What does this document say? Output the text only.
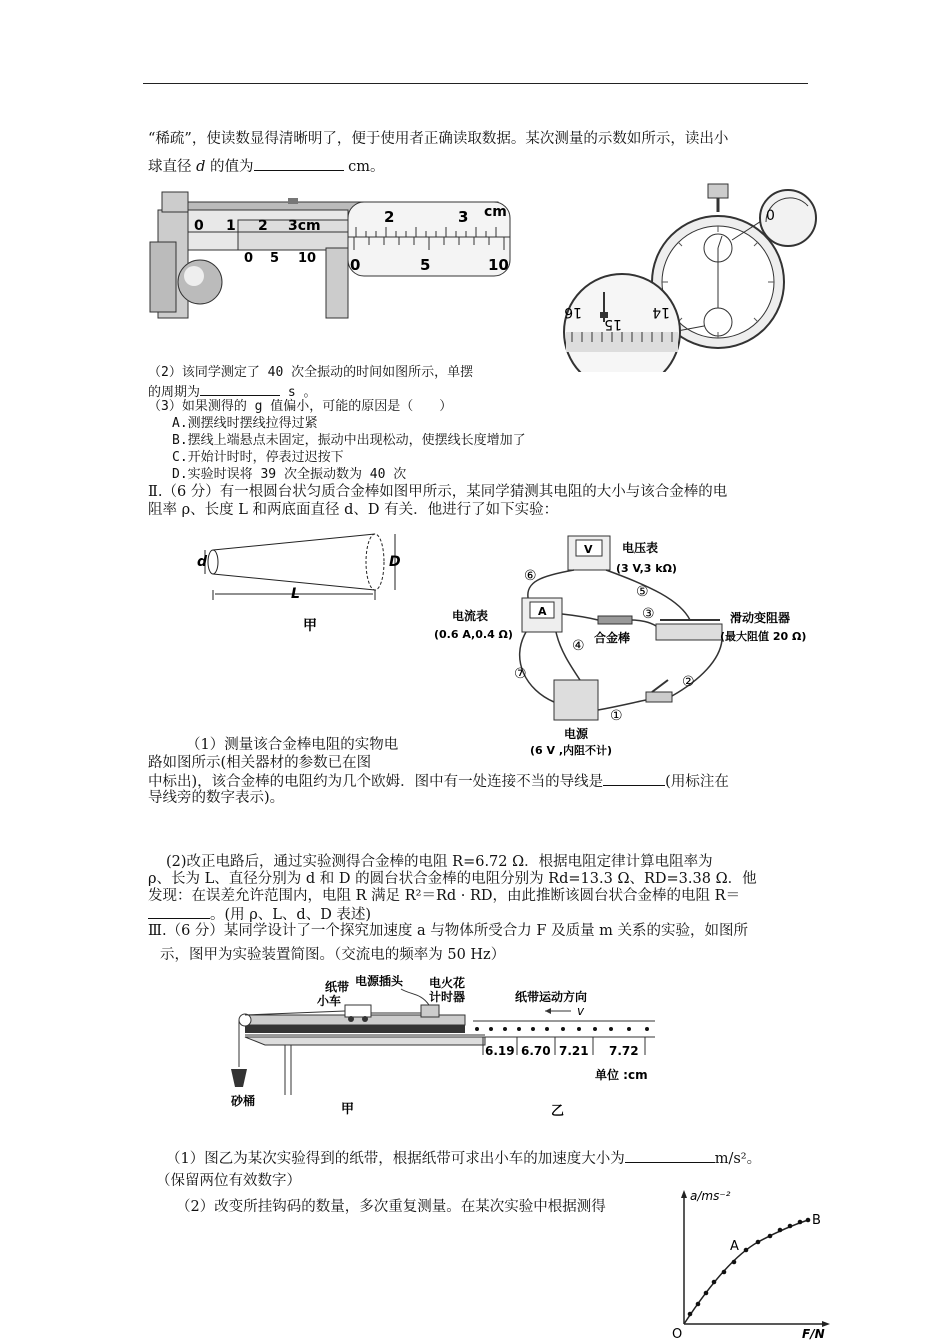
“稀疏”，使读数显得清晰明了，便于使用者正确读取数据。某次测量的示数如所示，读出小
球直径 d 的值为	cm。
0 1 2 3cm
0 5 10
2	3 cm
0	5	10
0
16
15
14
（2）该同学测定了 40 次全振动的时间如图所示，单摆
的周期为	s 。
（3）如果测得的 g 值偏小，可能的原因是（　　）
A.测摆线时摆线拉得过紧
B.摆线上端悬点未固定，振动中出现松动，使摆线长度增加了
C.开始计时时，停表过迟按下
D.实验时误将 39 次全振动数为 40 次
Ⅱ.（6 分）有一根圆台状匀质合金棒如图甲所示，某同学猜测其电阻的大小与该合金棒的电
阻率 ρ、长度 L 和两底面直径 d、D 有关．他进行了如下实验：
d	D
L
甲
V 电压表
(3 V,3 kΩ)
A
电流表
(0.6 A,0.4 Ω)	合金棒
滑动变阻器
(最大阻值 20 Ω)
电源
(6 V ,内阻不计)
⑥
⑤
③
④
⑦	②
①
（1）测量该合金棒电阻的实物电
路如图所示(相关器材的参数已在图
中标出)，该合金棒的电阻约为几个欧姆．图中有一处连接不当的导线是	(用标注在
导线旁的数字表示)。
(2)改正电路后，通过实验测得合金棒的电阻 R=6.72 Ω．根据电阻定律计算电阻率为
ρ、长为 L、直径分别为 d 和 D 的圆台状合金棒的电阻分别为 Rd=13.3 Ω、RD=3.38 Ω．他
发现：在误差允许范围内，电阻 R 满足 R²＝Rd · RD，由此推断该圆台状合金棒的电阻 R＝
。(用 ρ、L、d、D 表述)
Ⅲ.（6 分）某同学设计了一个探究加速度 a 与物体所受合力 F 及质量 m 关系的实验，如图所
示，图甲为实验装置简图。（交流电的频率为 50 Hz）
砂桶
小车
纸带 电源插头 电火花
计时器
甲
纸带运动方向
v
6.19 6.70 7.21 7.72
单位 :cm
乙
（1）图乙为某次实验得到的纸带，根据纸带可求出小车的加速度大小为	m/s²。
（保留两位有效数字）
（2）改变所挂钩码的数量，多次重复测量。在某次实验中根据测得
a/ms⁻²
F/N
O
A
B
